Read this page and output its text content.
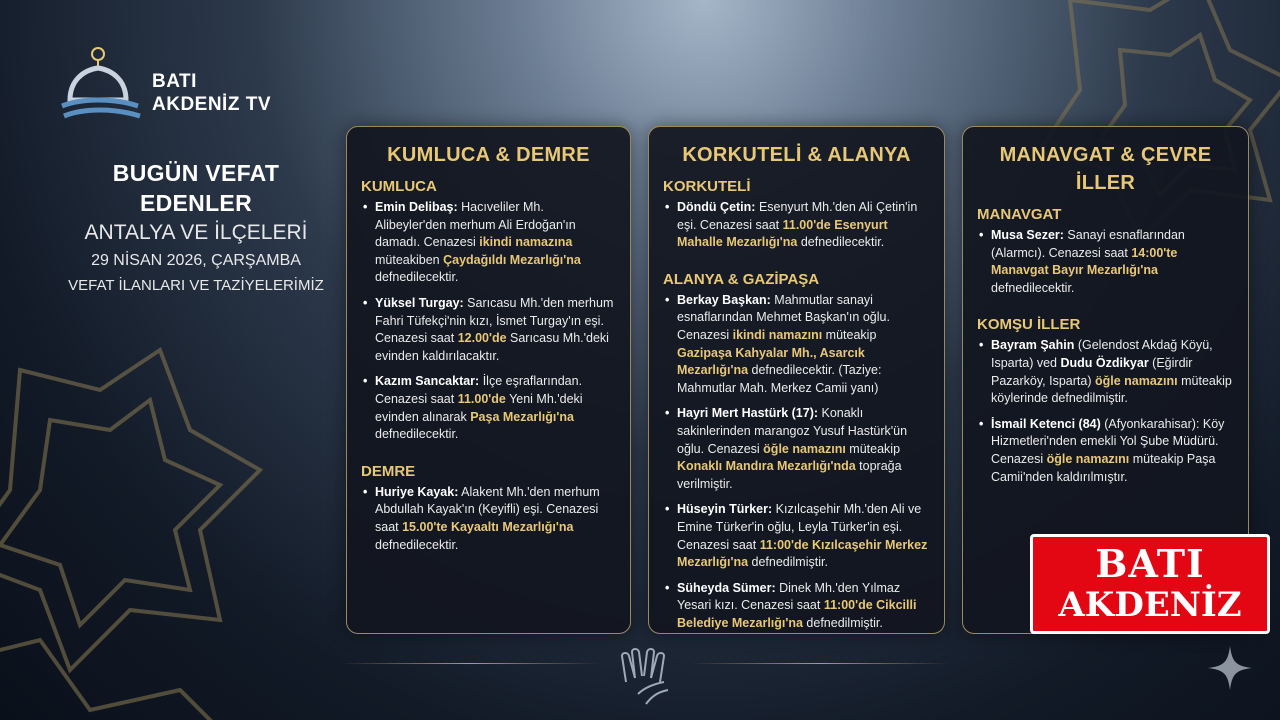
BATI
AKDENİZ TV
BUGÜN VEFAT EDENLER
ANTALYA VE İLÇELERİ
29 NİSAN 2026, ÇARŞAMBA
VEFAT İLANLARI VE TAZİYELERİMİZ
KUMLUCA & DEMRE
KUMLUCA
• Emin Delibaş: Hacıveliler Mh. Alibeyler'den merhum Ali Erdoğan'ın damadı. Cenazesi ikindi namazına müteakiben Çaydağıldı Mezarlığı'na defnedilecektir.
• Yüksel Turgay: Sarıcasu Mh.'den merhum Fahri Tüfekçi'nin kızı, İsmet Turgay'ın eşi. Cenazesi saat 12.00'de Sarıcasu Mh.'deki evinden kaldırılacaktır.
• Kazım Sancaktar: İlçe eşraflarından. Cenazesi saat 11.00'de Yeni Mh.'deki evinden alınarak Paşa Mezarlığı'na defnedilecektir.
DEMRE
• Huriye Kayak: Alakent Mh.'den merhum Abdullah Kayak'ın (Keyifli) eşi. Cenazesi saat 15.00'te Kayaaltı Mezarlığı'na defnedilecektir.
KORKUTELİ & ALANYA
KORKUTELİ
• Döndü Çetin: Esenyurt Mh.'den Ali Çetin'in eşi. Cenazesi saat 11.00'de Esenyurt Mahalle Mezarlığı'na defnedilecektir.
ALANYA & GAZİPAŞA
• Berkay Başkan: Mahmutlar sanayi esnaflarından Mehmet Başkan'ın oğlu. Cenazesi ikindi namazını müteakip Gazipaşa Kahyalar Mh., Asarcık Mezarlığı'na defnedilecektir. (Taziye: Mahmutlar Mah. Merkez Camii yanı)
• Hayri Mert Hastürk (17): Konaklı sakinlerinden marangoz Yusuf Hastürk'ün oğlu. Cenazesi öğle namazını müteakip Konaklı Mandıra Mezarlığı'nda toprağa verilmiştir.
• Hüseyin Türker: Kızılcaşehir Mh.'den Ali ve Emine Türker'in oğlu, Leyla Türker'in eşi. Cenazesi saat 11:00'de Kızılcaşehir Merkez Mezarlığı'na defnedilmiştir.
• Süheyda Sümer: Dinek Mh.'den Yılmaz Yesari kızı. Cenazesi saat 11:00'de Cikcilli Belediye Mezarlığı'na defnedilmiştir.
MANAVGAT & ÇEVRE İLLER
MANAVGAT
• Musa Sezer: Sanayi esnaflarından (Alarmcı). Cenazesi saat 14:00'te Manavgat Bayır Mezarlığı'na defnedilecektir.
KOMŞU İLLER
• Bayram Şahin (Gelendost Akdağ Köyü, Isparta) ved Dudu Özdikyar (Eğirdir Pazarköy, Isparta) öğle namazını müteakip köylerinde defnedilmiştir.
• İsmail Ketenci (84) (Afyonkarahisar): Köy Hizmetleri'nden emekli Yol Şube Müdürü. Cenazesi öğle namazını müteakip Paşa Camii'nden kaldırılmıştır.
BATI
AKDENİZ
